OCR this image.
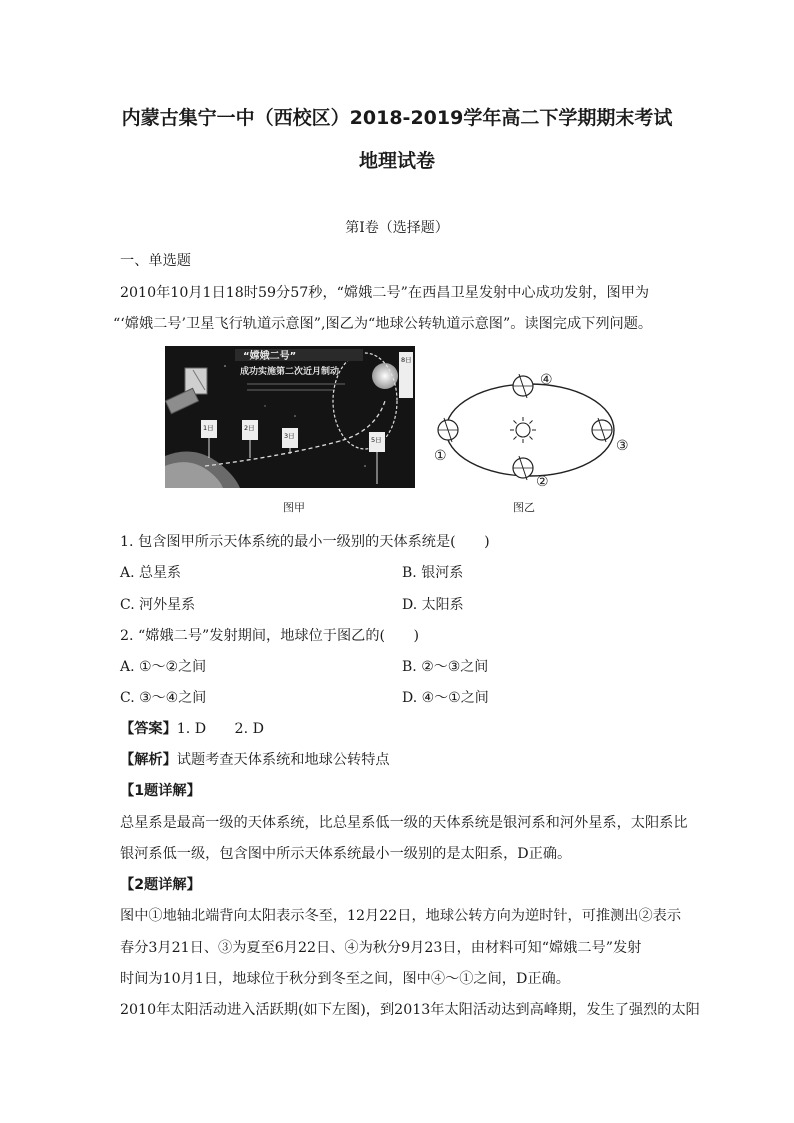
内蒙古集宁一中（西校区）2018-2019学年高二下学期期末考试
地理试卷
第Ⅰ卷（选择题）
一、单选题
2010年10月1日18时59分57秒，“嫦娥二号”在西昌卫星发射中心成功发射，图甲为
“‘嫦娥二号’卫星飞行轨道示意图”,图乙为“地球公转轨道示意图”。读图完成下列问题。
“嫦娥二号”
成功实施第二次近月制动
1日	2日
3日	5日
8日
①
②
③
④
图甲	图乙
1. 包含图甲所示天体系统的最小一级别的天体系统是(　　)
A. 总星系	B. 银河系
C. 河外星系	D. 太阳系
2. “嫦娥二号”发射期间，地球位于图乙的(　　)
A. ①～②之间	B. ②～③之间
C. ③～④之间	D. ④～①之间
【答案】1. D　　2. D
【解析】试题考查天体系统和地球公转特点
【1题详解】
总星系是最高一级的天体系统，比总星系低一级的天体系统是银河系和河外星系，太阳系比
银河系低一级，包含图中所示天体系统最小一级别的是太阳系，D正确。
【2题详解】
图中①地轴北端背向太阳表示冬至，12月22日，地球公转方向为逆时针，可推测出②表示
春分3月21日、③为夏至6月22日、④为秋分9月23日，由材料可知“嫦娥二号”发射
时间为10月1日，地球位于秋分到冬至之间，图中④～①之间，D正确。
2010年太阳活动进入活跃期(如下左图)，到2013年太阳活动达到高峰期，发生了强烈的太阳
